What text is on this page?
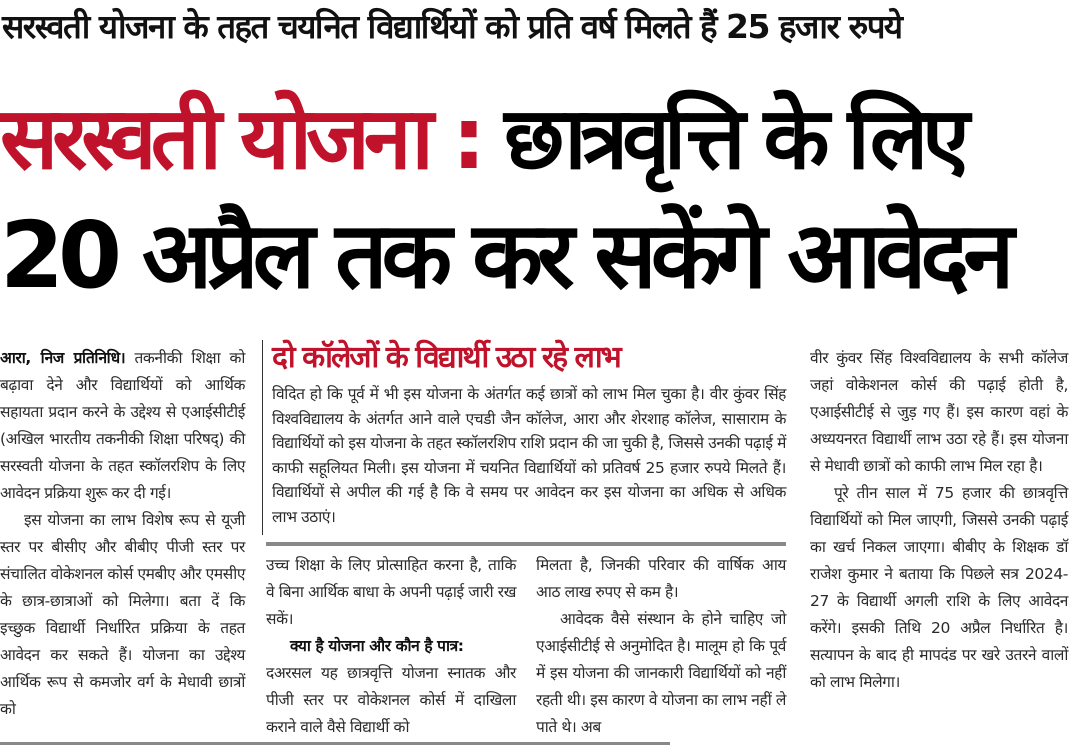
सरस्वती योजना के तहत चयनित विद्यार्थियों को प्रति वर्ष मिलते हैं 25 हजार रुपये
सरस्वती योजना : छात्रवृत्ति के लिए
20 अप्रैल तक कर सकेंगे आवेदन

आरा, निज प्रतिनिधि। तकनीकी शिक्षा को बढ़ावा देने और विद्यार्थियों को आर्थिक सहायता प्रदान करने के उद्देश्य से एआईसीटीई (अखिल भारतीय तकनीकी शिक्षा परिषद्) की सरस्वती योजना के तहत स्कॉलरशिप के लिए आवेदन प्रक्रिया शुरू कर दी गई।

इस योजना का लाभ विशेष रूप से यूजी स्तर पर बीसीए और बीबीए पीजी स्तर पर संचालित वोकेशनल कोर्स एमबीए और एमसीए के छात्र-छात्राओं को मिलेगा। बता दें कि इच्छुक विद्यार्थी निर्धारित प्रक्रिया के तहत आवेदन कर सकते हैं। योजना का उद्देश्य आर्थिक रूप से कमजोर वर्ग के मेधावी छात्रों को

दो कॉलेजों के विद्यार्थी उठा रहे लाभ
विदित हो कि पूर्व में भी इस योजना के अंतर्गत कई छात्रों को लाभ मिल चुका है। वीर कुंवर सिंह विश्वविद्यालय के अंतर्गत आने वाले एचडी जैन कॉलेज, आरा और शेरशाह कॉलेज, सासाराम के विद्यार्थियों को इस योजना के तहत स्कॉलरशिप राशि प्रदान की जा चुकी है, जिससे उनकी पढ़ाई में काफी सहूलियत मिली। इस योजना में चयनित विद्यार्थियों को प्रतिवर्ष 25 हजार रुपये मिलते हैं। विद्यार्थियों से अपील की गई है कि वे समय पर आवेदन कर इस योजना का अधिक से अधिक लाभ उठाएं।

उच्च शिक्षा के लिए प्रोत्साहित करना है, ताकि वे बिना आर्थिक बाधा के अपनी पढ़ाई जारी रख सकें।

क्या है योजना और कौन है पात्र:

दअरसल यह छात्रवृत्ति योजना स्नातक और पीजी स्तर पर वोकेशनल कोर्स में दाखिला कराने वाले वैसे विद्यार्थी को

मिलता है, जिनकी परिवार की वार्षिक आय आठ लाख रुपए से कम है।

आवेदक वैसे संस्थान के होने चाहिए जो एआईसीटीई से अनुमोदित है। मालूम हो कि पूर्व में इस योजना की जानकारी विद्यार्थियों को नहीं रहती थी। इस कारण वे योजना का लाभ नहीं ले पाते थे। अब

वीर कुंवर सिंह विश्वविद्यालय के सभी कॉलेज जहां वोकेशनल कोर्स की पढ़ाई होती है, एआईसीटीई से जुड़ गए हैं। इस कारण वहां के अध्ययनरत विद्यार्थी लाभ उठा रहे हैं। इस योजना से मेधावी छात्रों को काफी लाभ मिल रहा है।

पूरे तीन साल में 75 हजार की छात्रवृत्ति विद्यार्थियों को मिल जाएगी, जिससे उनकी पढ़ाई का खर्च निकल जाएगा। बीबीए के शिक्षक डॉ राजेश कुमार ने बताया कि पिछले सत्र 2024-27 के विद्यार्थी अगली राशि के लिए आवेदन करेंगे। इसकी तिथि 20 अप्रैल निर्धारित है। सत्यापन के बाद ही मापदंड पर खरे उतरने वालों को लाभ मिलेगा।
